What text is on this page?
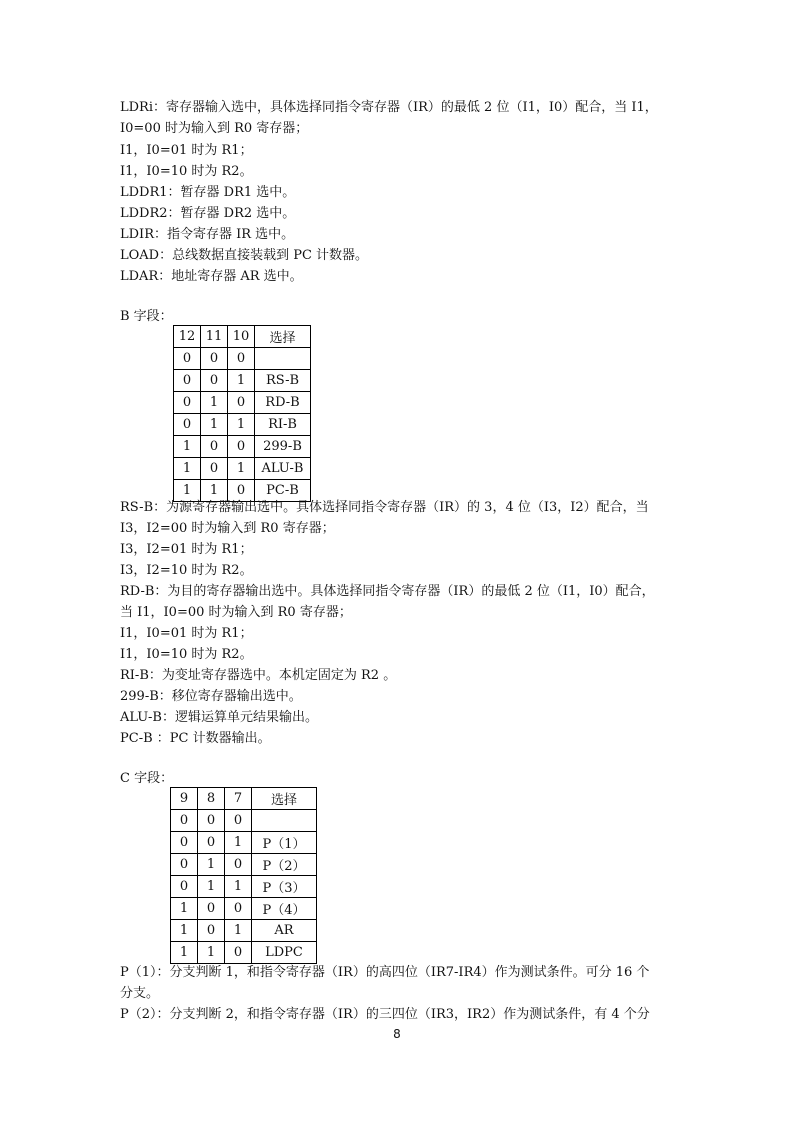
LDRi：寄存器输入选中，具体选择同指令寄存器（IR）的最低 2 位（I1，I0）配合，当 I1，
I0=00 时为输入到 R0 寄存器；
I1，I0=01 时为 R1；
I1，I0=10 时为 R2。
LDDR1：暂存器 DR1 选中。
LDDR2：暂存器 DR2 选中。
LDIR：指令寄存器 IR 选中。
LOAD：总线数据直接装载到 PC 计数器。
LDAR：地址寄存器 AR 选中。
B 字段：
12	11	10	选择
0	0	0	
0	0	1	RS-B
0	1	0	RD-B
0	1	1	RI-B
1	0	0	299-B
1	0	1	ALU-B
1	1	0	PC-B
RS-B：为源寄存器输出选中。具体选择同指令寄存器（IR）的 3，4 位（I3，I2）配合，当
I3，I2=00 时为输入到 R0 寄存器；
I3，I2=01 时为 R1；
I3，I2=10 时为 R2。
RD-B：为目的寄存器输出选中。具体选择同指令寄存器（IR）的最低 2 位（I1，I0）配合，
当 I1，I0=00 时为输入到 R0 寄存器；
I1，I0=01 时为 R1；
I1，I0=10 时为 R2。
RI-B：为变址寄存器选中。本机定固定为 R2 。
299-B：移位寄存器输出选中。
ALU-B：逻辑运算单元结果输出。
PC-B ：PC 计数器输出。
C 字段：
9	8	7	选择
0	0	0	
0	0	1	P（1）
0	1	0	P（2）
0	1	1	P（3）
1	0	0	P（4）
1	0	1	AR
1	1	0	LDPC
P（1）：分支判断 1，和指令寄存器（IR）的高四位（IR7-IR4）作为测试条件。可分 16 个
分支。
P（2）：分支判断 2，和指令寄存器（IR）的三四位（IR3，IR2）作为测试条件，有 4 个分
8
